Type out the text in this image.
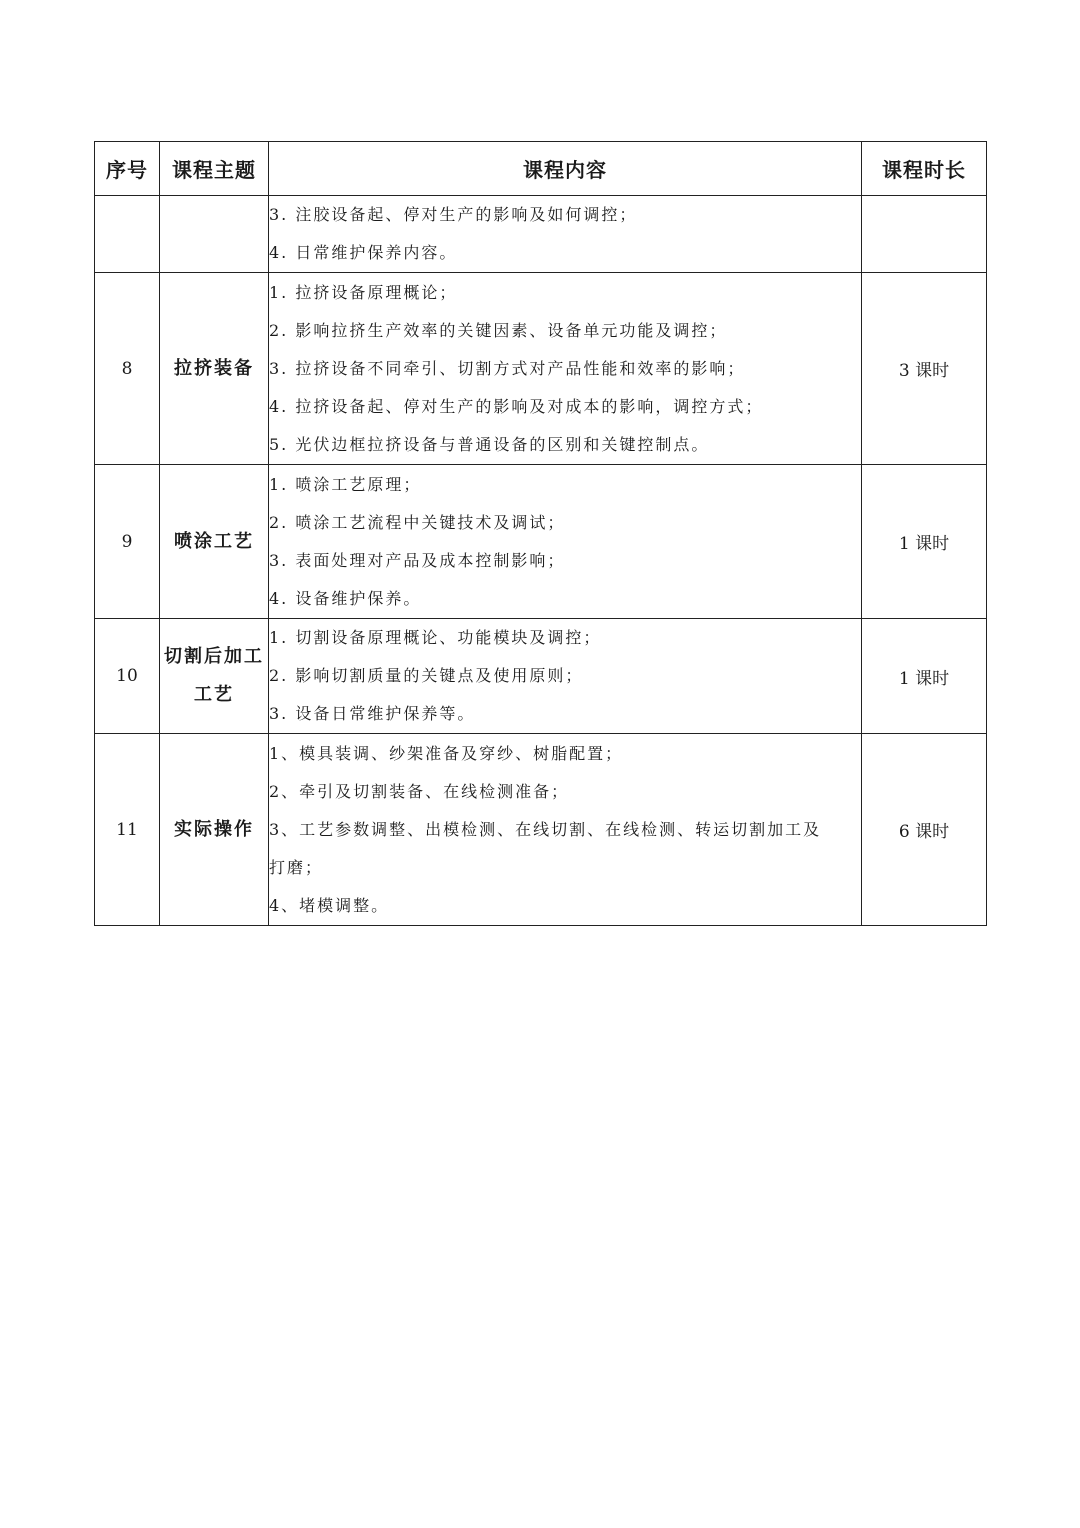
序号	课程主题	课程内容	课程时长

		3. 注胶设备起、停对生产的影响及如何调控；
4. 日常维护保养内容。	

8	拉挤装备	1. 拉挤设备原理概论；
2. 影响拉挤生产效率的关键因素、设备单元功能及调控；
3. 拉挤设备不同牵引、切割方式对产品性能和效率的影响；
4. 拉挤设备起、停对生产的影响及对成本的影响，调控方式；
5. 光伏边框拉挤设备与普通设备的区别和关键控制点。	3 课时
9	喷涂工艺	1. 喷涂工艺原理；
2. 喷涂工艺流程中关键技术及调试；
3. 表面处理对产品及成本控制影响；
4. 设备维护保养。	1 课时
10	切割后加工工艺	1. 切割设备原理概论、功能模块及调控；
2. 影响切割质量的关键点及使用原则；
3. 设备日常维护保养等。	1 课时
11	实际操作	1、模具装调、纱架准备及穿纱、树脂配置；
2、牵引及切割装备、在线检测准备；
3、工艺参数调整、出模检测、在线切割、在线检测、转运切割加工及
打磨；
4、堵模调整。	6 课时
